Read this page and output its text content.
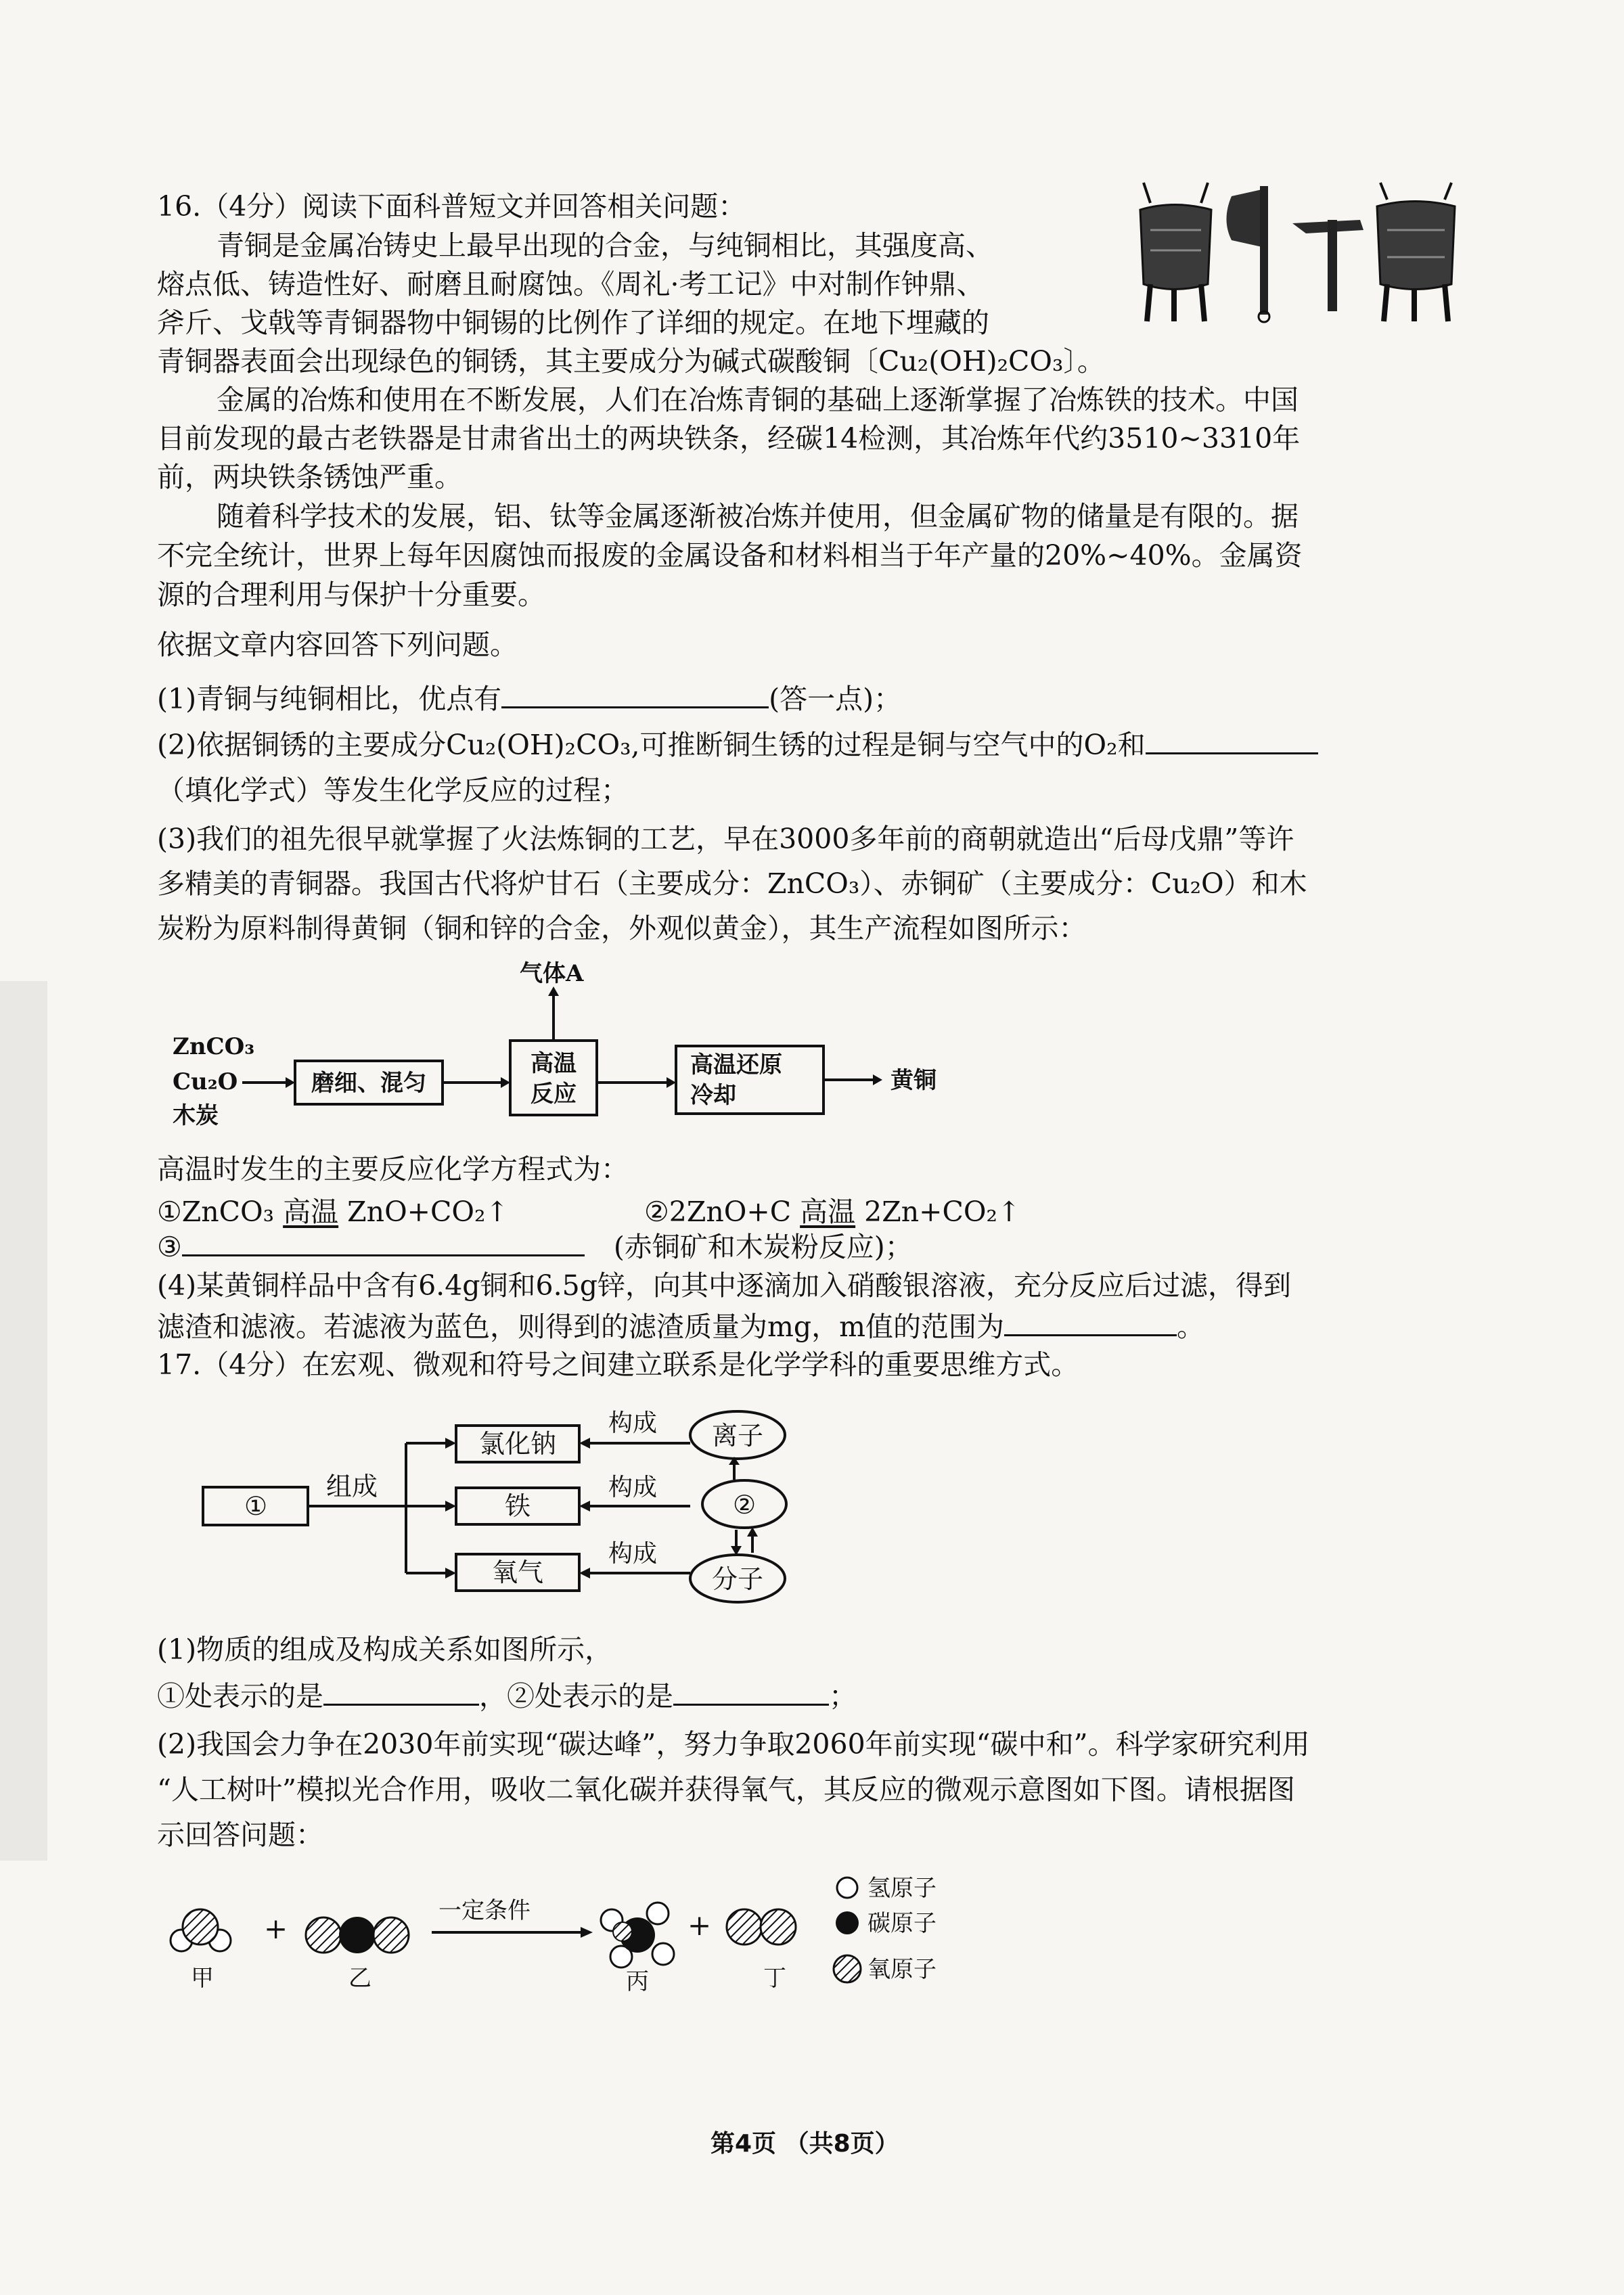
16.（4分）阅读下面科普短文并回答相关问题：
青铜是金属冶铸史上最早出现的合金，与纯铜相比，其强度高、
熔点低、铸造性好、耐磨且耐腐蚀。《周礼·考工记》中对制作钟鼎、
斧斤、戈戟等青铜器物中铜锡的比例作了详细的规定。在地下埋藏的
青铜器表面会出现绿色的铜锈，其主要成分为碱式碳酸铜〔Cu₂(OH)₂CO₃〕。
金属的冶炼和使用在不断发展，人们在冶炼青铜的基础上逐渐掌握了冶炼铁的技术。中国
目前发现的最古老铁器是甘肃省出土的两块铁条，经碳14检测，其冶炼年代约3510~3310年
前，两块铁条锈蚀严重。
随着科学技术的发展，铝、钛等金属逐渐被冶炼并使用，但金属矿物的储量是有限的。据
不完全统计，世界上每年因腐蚀而报废的金属设备和材料相当于年产量的20%~40%。金属资
源的合理利用与保护十分重要。
依据文章内容回答下列问题。
(1)青铜与纯铜相比，优点有	(答一点)；
(2)依据铜锈的主要成分Cu₂(OH)₂CO₃,可推断铜生锈的过程是铜与空气中的O₂和
（填化学式）等发生化学反应的过程；
(3)我们的祖先很早就掌握了火法炼铜的工艺，早在3000多年前的商朝就造出“后母戊鼎”等许
多精美的青铜器。我国古代将炉甘石（主要成分：ZnCO₃）、赤铜矿（主要成分：Cu₂O）和木
炭粉为原料制得黄铜（铜和锌的合金，外观似黄金），其生产流程如图所示：
ZnCO₃
Cu₂O
木炭
磨细、混匀
高温
反应
气体A
高温还原
冷却
黄铜
高温时发生的主要反应化学方程式为：
①ZnCO₃ 高温 ZnO+CO₂↑	②2ZnO+C 高温 2Zn+CO₂↑
③	(赤铜矿和木炭粉反应)；
(4)某黄铜样品中含有6.4g铜和6.5g锌，向其中逐滴加入硝酸银溶液，充分反应后过滤，得到
滤渣和滤液。若滤液为蓝色，则得到的滤渣质量为mg，m值的范围为	。
17.（4分）在宏观、微观和符号之间建立联系是化学学科的重要思维方式。
①
组成
氯化钠
铁
氧气
构成
构成
构成
离子
②
分子
(1)物质的组成及构成关系如图所示，
①处表示的是	，②处表示的是	；
(2)我国会力争在2030年前实现“碳达峰”，努力争取2060年前实现“碳中和”。科学家研究利用
“人工树叶”模拟光合作用，吸收二氧化碳并获得氧气，其反应的微观示意图如下图。请根据图
示回答问题：
甲
+
乙
一定条件
丙
+
丁
氢原子
碳原子
氧原子
第4页 （共8页）
